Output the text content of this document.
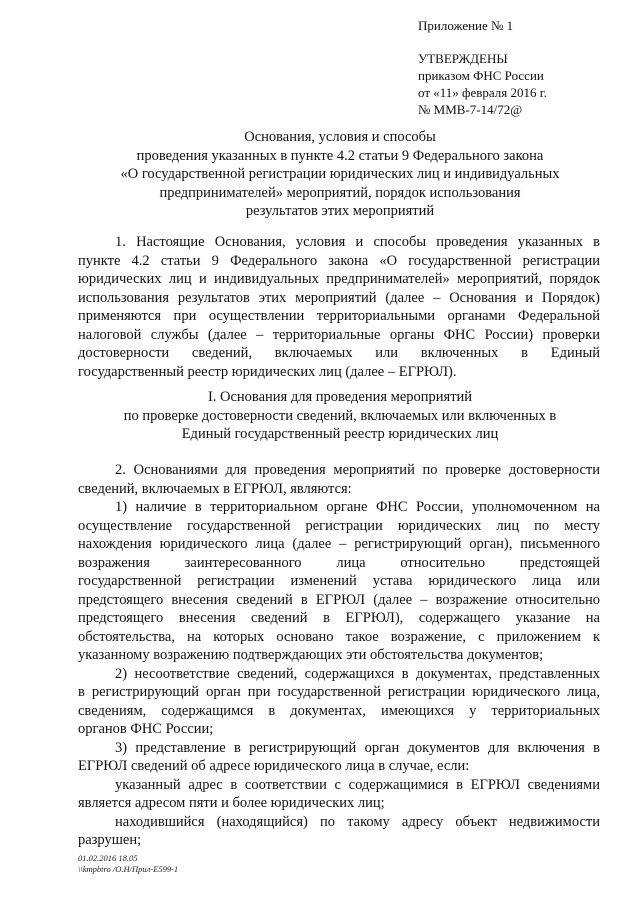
Приложение № 1
УТВЕРЖДЕНЫ
приказом ФНС России
от «11» февраля 2016 г.
№ ММВ-7-14/72@
Основания, условия и способы
проведения указанных в пункте 4.2 статьи 9 Федерального закона
«О государственной регистрации юридических лиц и индивидуальных
предпринимателей» мероприятий, порядок использования
результатов этих мероприятий
1. Настоящие Основания, условия и способы проведения указанных в
пункте 4.2 статьи 9 Федерального закона «О государственной регистрации
юридических лиц и индивидуальных предпринимателей» мероприятий, порядок
использования результатов этих мероприятий (далее – Основания и Порядок)
применяются при осуществлении территориальными органами Федеральной
налоговой службы (далее – территориальные органы ФНС России) проверки
достоверности сведений, включаемых или включенных в Единый
государственный реестр юридических лиц (далее – ЕГРЮЛ).
I. Основания для проведения мероприятий
по проверке достоверности сведений, включаемых или включенных в
Единый государственный реестр юридических лиц
2. Основаниями для проведения мероприятий по проверке достоверности
сведений, включаемых в ЕГРЮЛ, являются:
1) наличие в территориальном органе ФНС России, уполномоченном на
осуществление государственной регистрации юридических лиц по месту
нахождения юридического лица (далее – регистрирующий орган), письменного
возражения заинтересованного лица относительно предстоящей
государственной регистрации изменений устава юридического лица или
предстоящего внесения сведений в ЕГРЮЛ (далее – возражение относительно
предстоящего внесения сведений в ЕГРЮЛ), содержащего указание на
обстоятельства, на которых основано такое возражение, с приложением к
указанному возражению подтверждающих эти обстоятельства документов;
2) несоответствие сведений, содержащихся в документах, представленных
в регистрирующий орган при государственной регистрации юридического лица,
сведениям, содержащимся в документах, имеющихся у территориальных
органов ФНС России;
3) представление в регистрирующий орган документов для включения в
ЕГРЮЛ сведений об адресе юридического лица в случае, если:
указанный адрес в соответствии с содержащимися в ЕГРЮЛ сведениями
является адресом пяти и более юридических лиц;
находившийся (находящийся) по такому адресу объект недвижимости
разрушен;
01.02.2016 18.05
\\kmpbtro /О.Н/Прил-Е599-1
